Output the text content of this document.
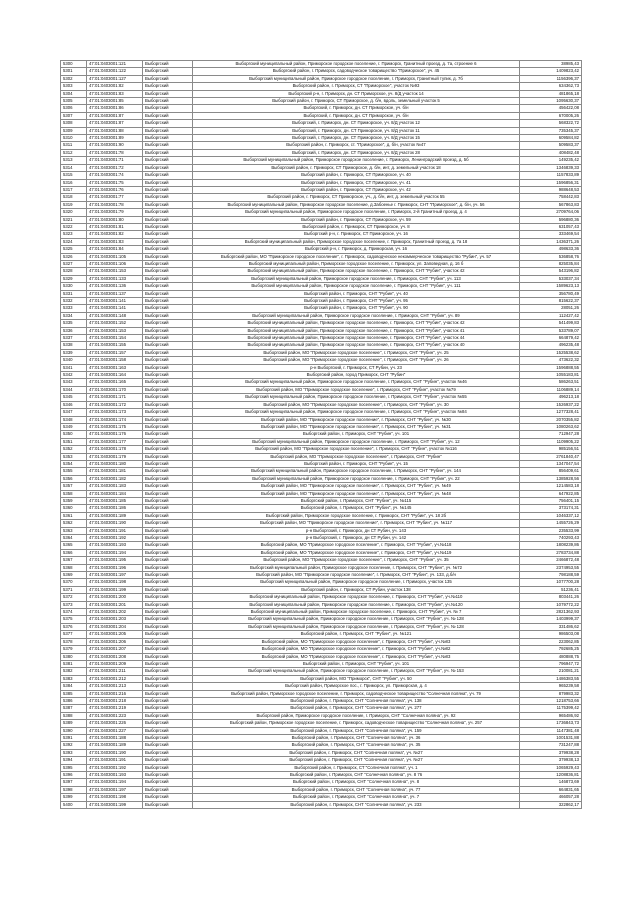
5300	47:01:0403001:121	Выборгский	Выборгский муниципальный район, Приморское городское поселение, г. Приморск, Гранитный проезд, д. 7а, строение 6	38985,43
5301	47:01:0403001:122	Выборгский	Выборгский район, г. Приморск, садоводческое товарищество "Приморское", уч. 45	1409823,42
5302	47:01:0403001:127	Выборгский	Выборгский муниципальный район, Приморское городское поселение, г. Приморск, Гранитный тупик, д. 7б	1156396,37
5303	47:01:0403001:82	Выборгский	Выборгский район, г. Приморск, СТ "Приморское", участок №93	634362,73
5304	47:01:0403001:83	Выборгский	Выборгский р-н, г. Приморск, дн. СТ Приморское, уч. 8/Д участок 14	481865,18
5305	47:01:0403001:85	Выборгский	Выборгский район, г. Приморск, СТ Приморское, д. б/н, вдоль, земельный участок 5	1095630,37
5306	47:01:0403001:86	Выборгский	Выборгский, г. Приморск, дн. СТ Приморское, уч. б/н	456422,08
5307	47:01:0403001:87	Выборгский	Выборгский, г. Приморск, дн. СТ Приморское, уч. б/н	670005,26
5308	47:01:0403001:87	Выборгский	Выборгский, г. Приморск, дн. СТ Приморское, уч. 8/Д участок 12	568322,72
5309	47:01:0403001:88	Выборгский	Выборгский, г. Приморск, дн. СТ Приморское, уч. 8/Д участок 11	735345,37
5310	47:01:0403001:89	Выборгский	Выборгский, г. Приморск, дн. СТ Приморское, уч. 8/Д участок 15	609584,82
5311	47:01:0403001:90	Выборгский	Выборгский район, г. Приморск, ст. "Приморское", д. б/н, участок №47	509583,37
5312	47:01:0403001:78	Выборгский	Выборгский, г. Приморск, дн. СТ Приморское, уч. 8/Д участок 28	408482,48
5313	47:01:0403001:71	Выборгский	Выборгский муниципальный район, Приморское городское поселение, г. Приморск, Ленинградский проезд, д. 5б	149235,42
5314	47:01:0403001:72	Выборгский	Выборгский район, г. Приморск, СТ Приморское, д. б/н, инт, д. земельный участок 18	1346839,33
5315	47:01:0403001:74	Выборгский	Выборгский район, г. Приморск, СТ Приморское, уч. 40	1157833,89
5316	47:01:0403001:75	Выборгский	Выборгский район, г. Приморск, СТ Приморское, уч. 41	1596856,31
5317	47:01:0403001:76	Выборгский	Выборгский район, г. Приморск, СТ Приморское, уч. 42	988648,53
5318	47:01:0403001:77	Выборгский	Выборгский район, г. Приморск, СТ Приморское, уч., д. б/н, инт, д. земельный участок 55	758442,83
5319	47:01:0403001:78	Выборгский	Выборгский муниципальный район, Приморское городское поселение, д.Забоенье г. Приморск, СНТ "Приморское", д. б/н, уч. 56	567863,83
5320	47:01:0403001:79	Выборгский	Выборгский муниципальный район, Приморское городское поселение, г. Приморск, 2-й Гранитный проезд, д. 4	2709764,06
5321	47:01:0403001:80	Выборгский	Выборгский район, г. Приморск, СТ Приморское, уч. 59	596880,36
5322	47:01:0403001:81	Выборгский	Выборгский район, г. Приморск, СТ Приморское, уч. 8	631057,43
5323	47:01:0403001:82	Выборгский	Выборгский р-н, г. Приморск, СТ Приморское, уч. 16	333469,54
5324	47:01:0403001:83	Выборгский	Выборгский муниципальный район, Приморское городское поселение, г. Приморск, Гранитный проезд, д. 7а 18	1436371,26
5325	47:01:0403001:84	Выборгский	Выборгский р-н, г. Приморск, д. Приморская, уч. 16	498633,36
5326	47:01:0403001:105	Выборгский	Выборгский район, МО "Приморское городское поселение", г. Приморск, садоводческое некоммерческое товарищество "Рубин", уч. 57	536858,76
5327	47:01:0403001:106	Выборгский	Выборгский муниципальный район, Приморское городское поселение, г. Приморск, ул. Заповедная, д. 16 б	825035,84
5328	47:01:0403001:153	Выборгский	Выборгский муниципальный район, Приморское городское поселение, г. Приморск, СНТ "Рубин", участок 42	543196,82
5329	47:01:0403001:133	Выборгский	Выборгский муниципальный район, Приморское городское поселение, г. Приморск, СНТ "Рубин", уч. 113	533037,34
5330	47:01:0403001:136	Выборгский	Выборгский муниципальный район, Приморское городское поселение, г. Приморск, СНТ "Рубин", уч. 111	1589623,13
5331	47:01:0403001:137	Выборгский	Выборгский район, г. Приморск, СНТ "Рубин", уч. 40	356780,49
5332	47:01:0403001:141	Выборгский	Выборгский район, г. Приморск, СНТ "Рубин", уч. 95	815622,37
5333	47:01:0403001:141	Выборгский	Выборгский район, г. Приморск, СНТ "Рубин", уч. 90	28051,26
5334	47:01:0403001:148	Выборгский	Выборгский муниципальный район, Приморское городское поселение, г. Приморск, СНТ "Рубин", уч. 89	112427,42
5335	47:01:0403001:152	Выборгский	Выборгский муниципальный район, Приморское городское поселение, г. Приморск, СНТ "Рубин", участок 42	541499,83
5336	47:01:0403001:153	Выборгский	Выборгский муниципальный район, Приморское городское поселение, г. Приморск, СНТ "Рубин", участок 41	533789,07
5337	47:01:0403001:154	Выборгский	Выборгский муниципальный район, Приморское городское поселение, г. Приморск, СНТ "Рубин", участок 44	664879,42
5338	47:01:0403001:155	Выборгский	Выборгский муниципальный район, Приморское городское поселение, г. Приморск, СНТ "Рубин", участок 40	496235,48
5339	47:01:0403001:157	Выборгский	Выборгский район, МО "Приморское городское поселение", г. Приморск, СНТ "Рубин", уч. 25	1525538,62
5340	47:01:0403001:158	Выборгский	Выборгский район, МО "Приморское городское поселение", г. Приморск, СНТ "Рубин", уч. 26	473622,32
5341	47:01:0403001:163	Выборгский	р-н Выборгский, г. Приморск, СТ Рубин, уч. 23	1596888,55
5342	47:01:0403001:164	Выборгский	Выборгский район, город Приморск, СНТ "Рубин"	1055183,81
5343	47:01:0403001:165	Выборгский	Выборгский муниципальный район, Приморское городское поселение, г. Приморск, СНТ "Рубин", участок №46	586263,51
5344	47:01:0403001:170	Выборгский	Выборгский район, МО "Приморское городское поселение", г. Приморск, СНТ "Рубин", участок №79	1106889,14
5345	47:01:0403001:171	Выборгский	Выборгский муниципальный район, Приморское городское поселение, г. Приморск, СНТ "Рубин", участок №55	496213,18
5346	47:01:0403001:172	Выборгский	Выборгский район, МО "Приморское городское поселение", г. Приморск, СНТ "Рубин", уч. 30	1526937,22
5347	47:01:0403001:173	Выборгский	Выборгский муниципальный район, Приморское городское поселение, г. Приморск, СНТ "Рубин", участок №84	1277328,41
5348	47:01:0403001:174	Выборгский	Выборгский район, МО "Приморское городское поселение", г. Приморск, СНТ "Рубин", уч. №30	2070355,82
5349	47:01:0403001:175	Выборгский	Выборгский район, МО "Приморское городское поселение", г. Приморск, СНТ "Рубин", уч. №31	1080263,62
5350	47:01:0403001:176	Выборгский	Выборгский район, г. Приморск, СНТ "Рубин", уч. 101	712947,28
5351	47:01:0403001:177	Выборгский	Выборгский муниципальный район, Приморское городское поселение, г. Приморск, СНТ "Рубин", уч. 12	1109905,22
5352	47:01:0403001:178	Выборгский	Выборгский район, МО "Приморское городское поселение", г. Приморск, СНТ "Рубин", участок №116	985156,51
5353	47:01:0403001:179	Выборгский	Выборгский район, МО "Приморское городское поселение", г. Приморск, СНТ "Рубин"	2761840,47
5354	47:01:0403001:180	Выборгский	Выборгский район, г. Приморск, СНТ "Рубин", уч. 15	1347047,54
5355	47:01:0403001:181	Выборгский	Выборгский муниципальный район, Приморское городское поселение, г. Приморск, СНТ "Рубин", уч. 144	856409,61
5356	47:01:0403001:182	Выборгский	Выборгский муниципальный район, Приморское городское поселение, г. Приморск, СНТ "Рубин", уч. 22	1385928,56
5357	47:01:0403001:183	Выборгский	Выборгский район, МО "Приморское городское поселение", г. Приморск, СНТ "Рубин", уч. №49	1214583,18
5358	47:01:0403001:184	Выборгский	Выборгский район, МО "Приморское городское поселение", г. Приморск, СНТ "Рубин", уч. №48	647922,85
5359	47:01:0403001:185	Выборгский	Выборгский район, г. Приморск, СНТ "Рубин", уч. №115	756401,15
5360	47:01:0403001:186	Выборгский	Выборгский район, г. Приморск, СНТ "Рубин", уч. №145	373174,31
5361	47:01:0403001:189	Выборгский	Выборгский район, Приморское городское поселение, г. Приморск, СНТ "Рубин", уч. 18 2б	1046337,12
5362	47:01:0403001:190	Выборгский	Выборгский район, МО "Приморское городское поселение", г. Приморск, СНТ "Рубин", уч. №117	1455726,29
5363	47:01:0403001:191	Выборгский	р-н Выборгский, г. Приморск, дн СТ Рубин, уч. 143	235533,99
5364	47:01:0403001:192	Выборгский	р-н Выборгский, г. Приморск, дн СТ Рубин, уч. 142	740293,43
5365	47:01:0403001:193	Выборгский	Выборгский район, МО "Приморское городское поселение", г. Приморск, СНТ "Рубин", уч.№118	1808239,86
5366	47:01:0403001:194	Выборгский	Выборгский район, МО "Приморское городское поселение", г. Приморск, СНТ "Рубин", уч.№119	2783734,88
5367	47:01:0403001:195	Выборгский	Выборгский район, МО "Приморское городское поселение", г. Приморск, СНТ "Рубин", уч. 35	2466872,48
5368	47:01:0403001:196	Выборгский	Выборгский муниципальный район, Приморское городское поселение, г. Приморск, СНТ "Рубин", уч. №72	2374953,55
5369	47:01:0403001:197	Выборгский	Выборгский район, МО "Приморское городское поселение", г. Приморск, СНТ "Рубин", уч. 133, д.б/н	798188,59
5370	47:01:0403001:198	Выборгский	Выборгский муниципальный район, Приморское городское поселение, г. Приморск, участок 135	1077700,28
5371	47:01:0403001:199	Выборгский	Выборгский район, г. Приморск, СТ Рубин, участок 138	51236,41
5372	47:01:0403001:200	Выборгский	Выборгский муниципальный район, Приморское городское поселение, г. Приморск, СНТ "Рубин", уч.№110	803441,26
5373	47:01:0403001:201	Выборгский	Выборгский муниципальный район, Приморское городское поселение, г. Приморск, СНТ "Рубин", уч.№120	1079772,22
5374	47:01:0403001:202	Выборгский	Выборгский муниципальный район, Приморское городское поселение, г. Приморск, СНТ "Рубин", уч. № 7	2821362,93
5375	47:01:0403001:203	Выборгский	Выборгский муниципальный район, Приморское городское поселение, г. Приморск, СНТ "Рубин", уч. № 128	1403999,37
5376	47:01:0403001:204	Выборгский	Выборгский муниципальный район, Приморское городское поселение, г. Приморск, СНТ "Рубин", уч. № 128	331486,62
5377	47:01:0403001:205	Выборгский	Выборгский район, г. Приморск, СНТ "Рубин", уч. №121	986503,08
5378	47:01:0403001:206	Выборгский	Выборгский район, МО "Приморское городское поселение", г. Приморск, СНТ "Рубин", уч.№83	223062,85
5379	47:01:0403001:207	Выборгский	Выборгский район, МО "Приморское городское поселение", г. Приморск, СНТ "Рубин", уч.№82	792685,25
5380	47:01:0403001:208	Выборгский	Выборгский район, МО "Приморское городское поселение", г. Приморск, СНТ "Рубин", уч.№83	480888,75
5381	47:01:0403001:209	Выборгский	Выборгский район, г. Приморск, СНТ "Рубин", уч. 101	796947,72
5382	47:01:0403001:211	Выборгский	Выборгский муниципальный район, Приморское городское поселение, г. Приморск, СНТ "Рубин", уч. № 153	210081,21
5383	47:01:0403001:212	Выборгский	Выборгский район, МО "Приморск", СНТ "Рубин", уч. 50	1486383,55
5384	47:01:0403001:213	Выборгский	Выборгский район, Приморское пос., г. Приморск, ул. Приморская, д. 4	965239,58
5385	47:01:0403001:216	Выборгский	Выборгский район, Приморское городское поселение, г. Приморск, садоводческое товарищество "Солнечная поляна", уч. 79	879983,32
5386	47:01:0403001:218	Выборгский	Выборгский район, г. Приморск, СНТ "Солнечная поляна", уч. 138	1218753,66
5387	47:01:0403001:219	Выборгский	Выборгский район, г. Приморск, СНТ "Солнечная поляна", уч. 277	1175399,42
5388	47:01:0403001:223	Выборгский	Выборгский район, Приморское городское поселение, г. Приморск, СНТ "Солнечная поляна", уч. 92	965486,92
5389	47:01:0403001:226	Выборгский	Выборгский район, Приморское городское поселение, г. Приморск, садоводческое товарищество "Солнечная поляна", уч. 257	1736843,73
5390	47:01:0403001:227	Выборгский	Выборгский район, г. Приморск, СНТ "Солнечная поляна", уч. 159	1147381,48
5391	47:01:0403001:188	Выборгский	Выборгский район, г. Приморск, СНТ "Солнечная поляна", уч. 36	1001531,88
5392	47:01:0403001:189	Выборгский	Выборгский район, г. Приморск, СНТ "Солнечная поляна", уч. 35	731247,88
5393	47:01:0403001:190	Выборгский	Выборгский район, г. Приморск, СНТ "Солнечная поляна", уч. №27	379938,28
5394	47:01:0403001:191	Выборгский	Выборгский район, г. Приморск, СНТ "Солнечная поляна", уч. №27	379938,13
5395	47:01:0403001:192	Выборгский	Выборгский район, г. Приморск, СТ "Солнечная поляна", уч. 1	1065929,43
5396	47:01:0403001:193	Выборгский	Выборгский район, г. Приморск, СНТ "Солнечная поляна", уч. 8 76	1208836,81
5397	47:01:0403001:194	Выборгский	Выборгский район, г. Приморск, СНТ "Солнечная поляна", уч. 8	146873,69
5398	47:01:0403001:197	Выборгский	Выборгский район, г. Приморск, СНТ "Солнечная поляна", уч. 77	664831,65
5399	47:01:0403001:198	Выборгский	Выборгский район, г. Приморск, СНТ "Солнечная поляна", уч. 7	466057,28
5400	47:01:0403001:199	Выборгский	Выборгский район, г. Приморск, СНТ "Солнечная поляна", уч. 233	322862,17
